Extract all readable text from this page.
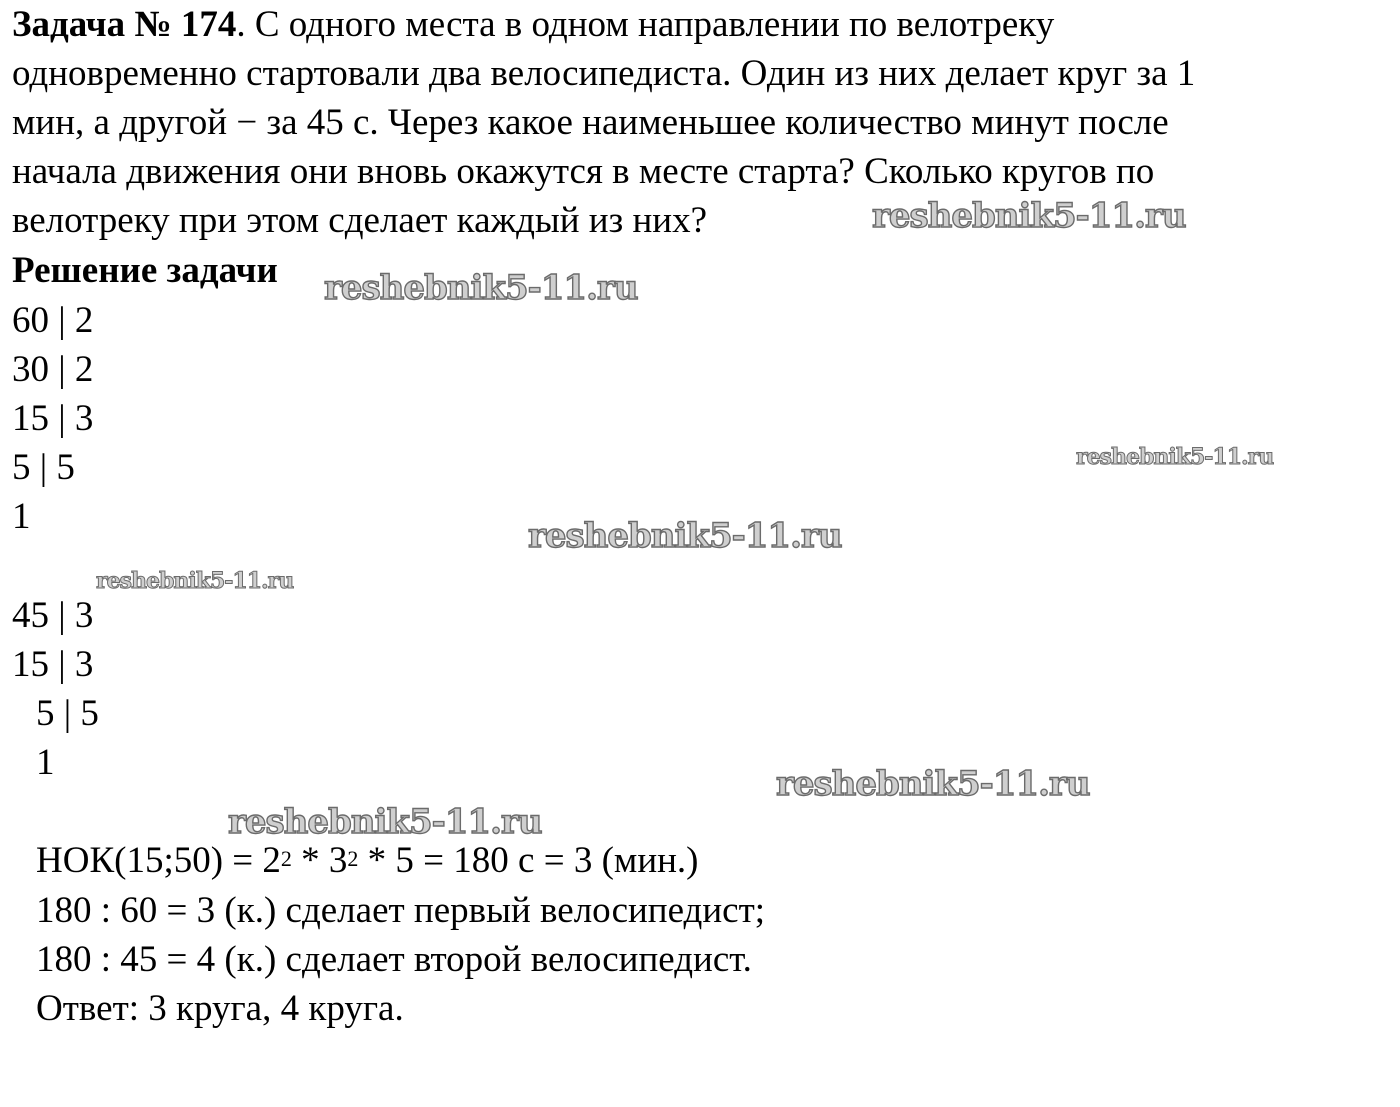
Задача № 174. С одного места в одном направлении по велотреку
одновременно стартовали два велосипедиста. Один из них делает круг за 1
мин, а другой − за 45 с. Через какое наименьшее количество минут после
начала движения они вновь окажутся в месте старта? Сколько кругов по
велотреку при этом сделает каждый из них?
Решение задачи
60 | 2
30 | 2
15 | 3
5 | 5
1
45 | 3
15 | 3
5 | 5
1
НОК(15;50) = $2^2 * 3^2 * 5 = 180$ с = 3 (мин.)
180 : 60 = 3 (к.) сделает первый велосипедист;
180 : 45 = 4 (к.) сделает второй велосипедист.
Ответ: 3 круга, 4 круга.
reshebnik5-11.ru
reshebnik5-11.ru
reshebnik5-11.ru
reshebnik5-11.ru
reshebnik5-11.ru
reshebnik5-11.ru
reshebnik5-11.ru
